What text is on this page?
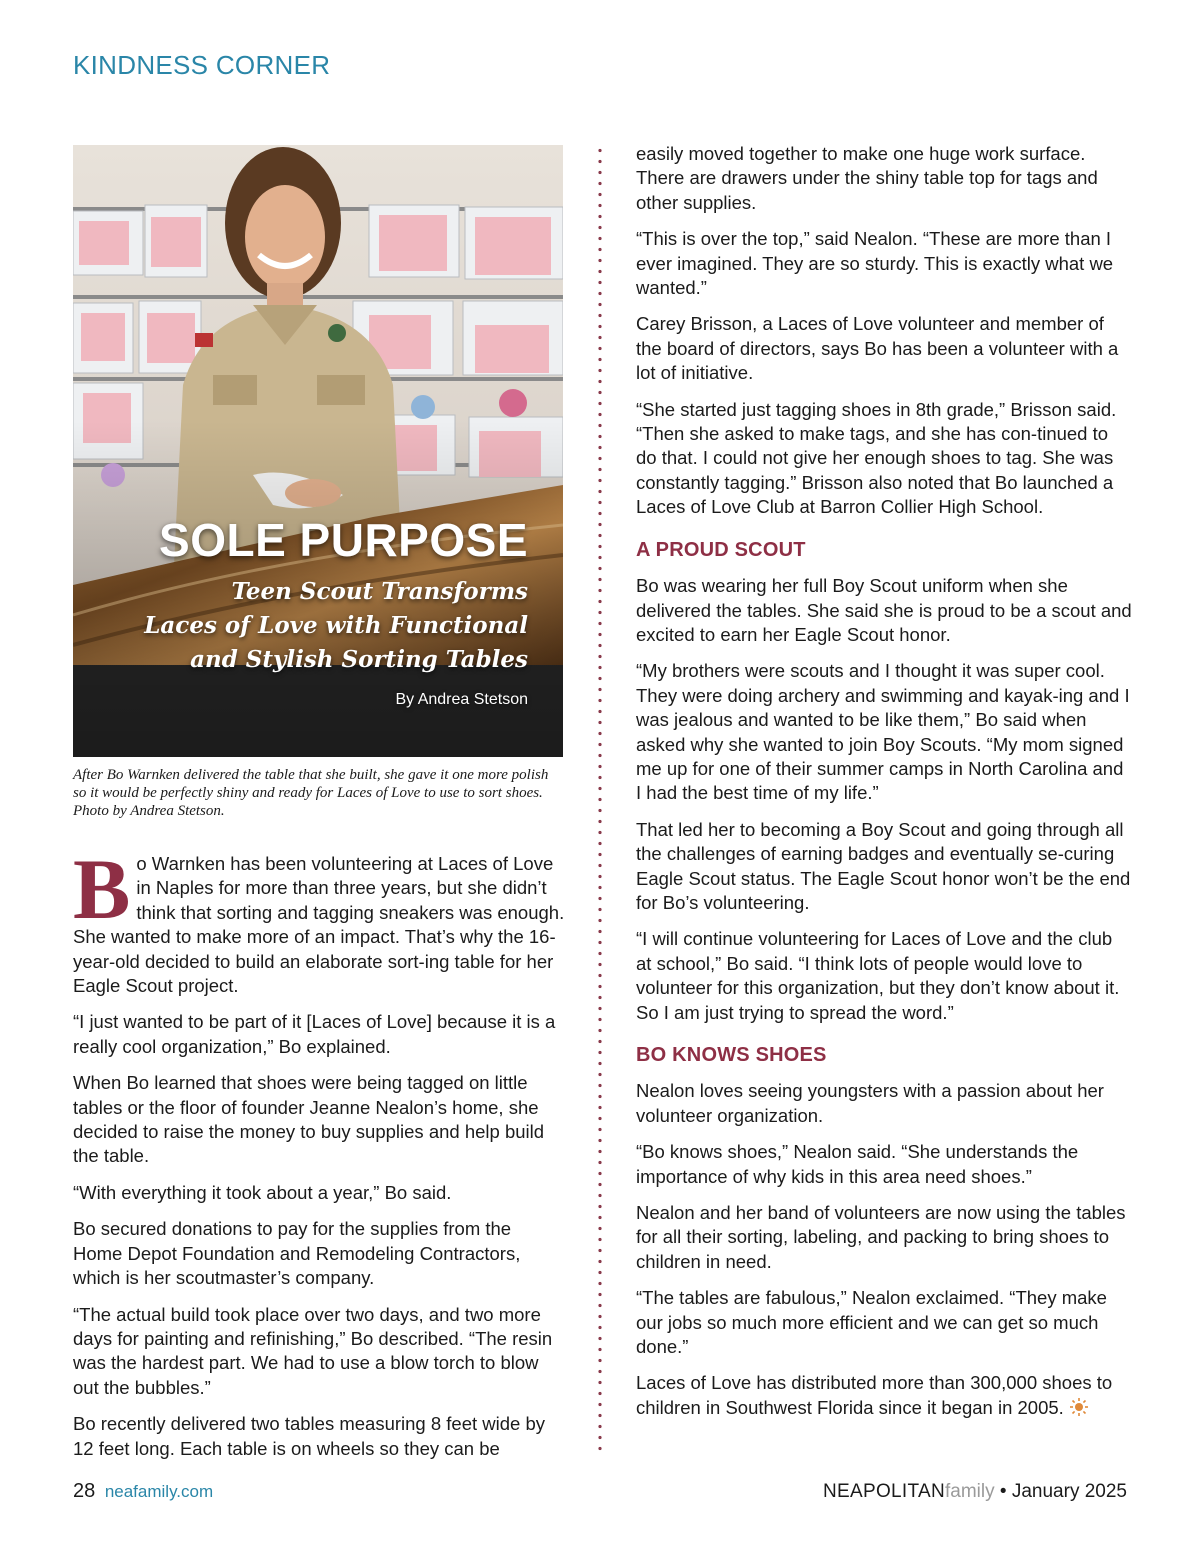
KINDNESS CORNER
SOLE PURPOSE
Teen Scout Transforms
Laces of Love with Functional
and Stylish Sorting Tables
By Andrea Stetson
After Bo Warnken delivered the table that she built, she gave it one more polish so it would be perfectly shiny and ready for Laces of Love to use to sort shoes. Photo by Andrea Stetson.

Bo Warnken has been volunteering at Laces of Love in Naples for more than three years, but she didn’t think that sorting and tagging sneakers was enough. She wanted to make more of an impact. That’s why the 16-year-old decided to build an elaborate sort-ing table for her Eagle Scout project.

“I just wanted to be part of it [Laces of Love] because it is a really cool organization,” Bo explained.

When Bo learned that shoes were being tagged on little tables or the floor of founder Jeanne Nealon’s home, she decided to raise the money to buy supplies and help build the table.

“With everything it took about a year,” Bo said.

Bo secured donations to pay for the supplies from the Home Depot Foundation and Remodeling Contractors, which is her scoutmaster’s company.

“The actual build took place over two days, and two more days for painting and refinishing,” Bo described. “The resin was the hardest part. We had to use a blow torch to blow out the bubbles.”

Bo recently delivered two tables measuring 8 feet wide by 12 feet long. Each table is on wheels so they can be

easily moved together to make one huge work surface. There are drawers under the shiny table top for tags and other supplies.

“This is over the top,” said Nealon. “These are more than I ever imagined. They are so sturdy. This is exactly what we wanted.”

Carey Brisson, a Laces of Love volunteer and member of the board of directors, says Bo has been a volunteer with a lot of initiative.

“She started just tagging shoes in 8th grade,” Brisson said. “Then she asked to make tags, and she has con-tinued to do that. I could not give her enough shoes to tag. She was constantly tagging.” Brisson also noted that Bo launched a Laces of Love Club at Barron Collier High School.

A PROUD SCOUT

Bo was wearing her full Boy Scout uniform when she delivered the tables. She said she is proud to be a scout and excited to earn her Eagle Scout honor.

“My brothers were scouts and I thought it was super cool. They were doing archery and swimming and kayak-ing and I was jealous and wanted to be like them,” Bo said when asked why she wanted to join Boy Scouts. “My mom signed me up for one of their summer camps in North Carolina and I had the best time of my life.”

That led her to becoming a Boy Scout and going through all the challenges of earning badges and eventually se-curing Eagle Scout status. The Eagle Scout honor won’t be the end for Bo’s volunteering.

“I will continue volunteering for Laces of Love and the club at school,” Bo said. “I think lots of people would love to volunteer for this organization, but they don’t know about it. So I am just trying to spread the word.”

BO KNOWS SHOES

Nealon loves seeing youngsters with a passion about her volunteer organization.

“Bo knows shoes,” Nealon said. “She understands the importance of why kids in this area need shoes.”

Nealon and her band of volunteers are now using the tables for all their sorting, labeling, and packing to bring shoes to children in need.

“The tables are fabulous,” Nealon exclaimed. “They make our jobs so much more efficient and we can get so much done.”

Laces of Love has distributed more than 300,000 shoes to children in Southwest Florida since it began in 2005.

28 neafamily.com	NEAPOLITANfamily • January 2025
